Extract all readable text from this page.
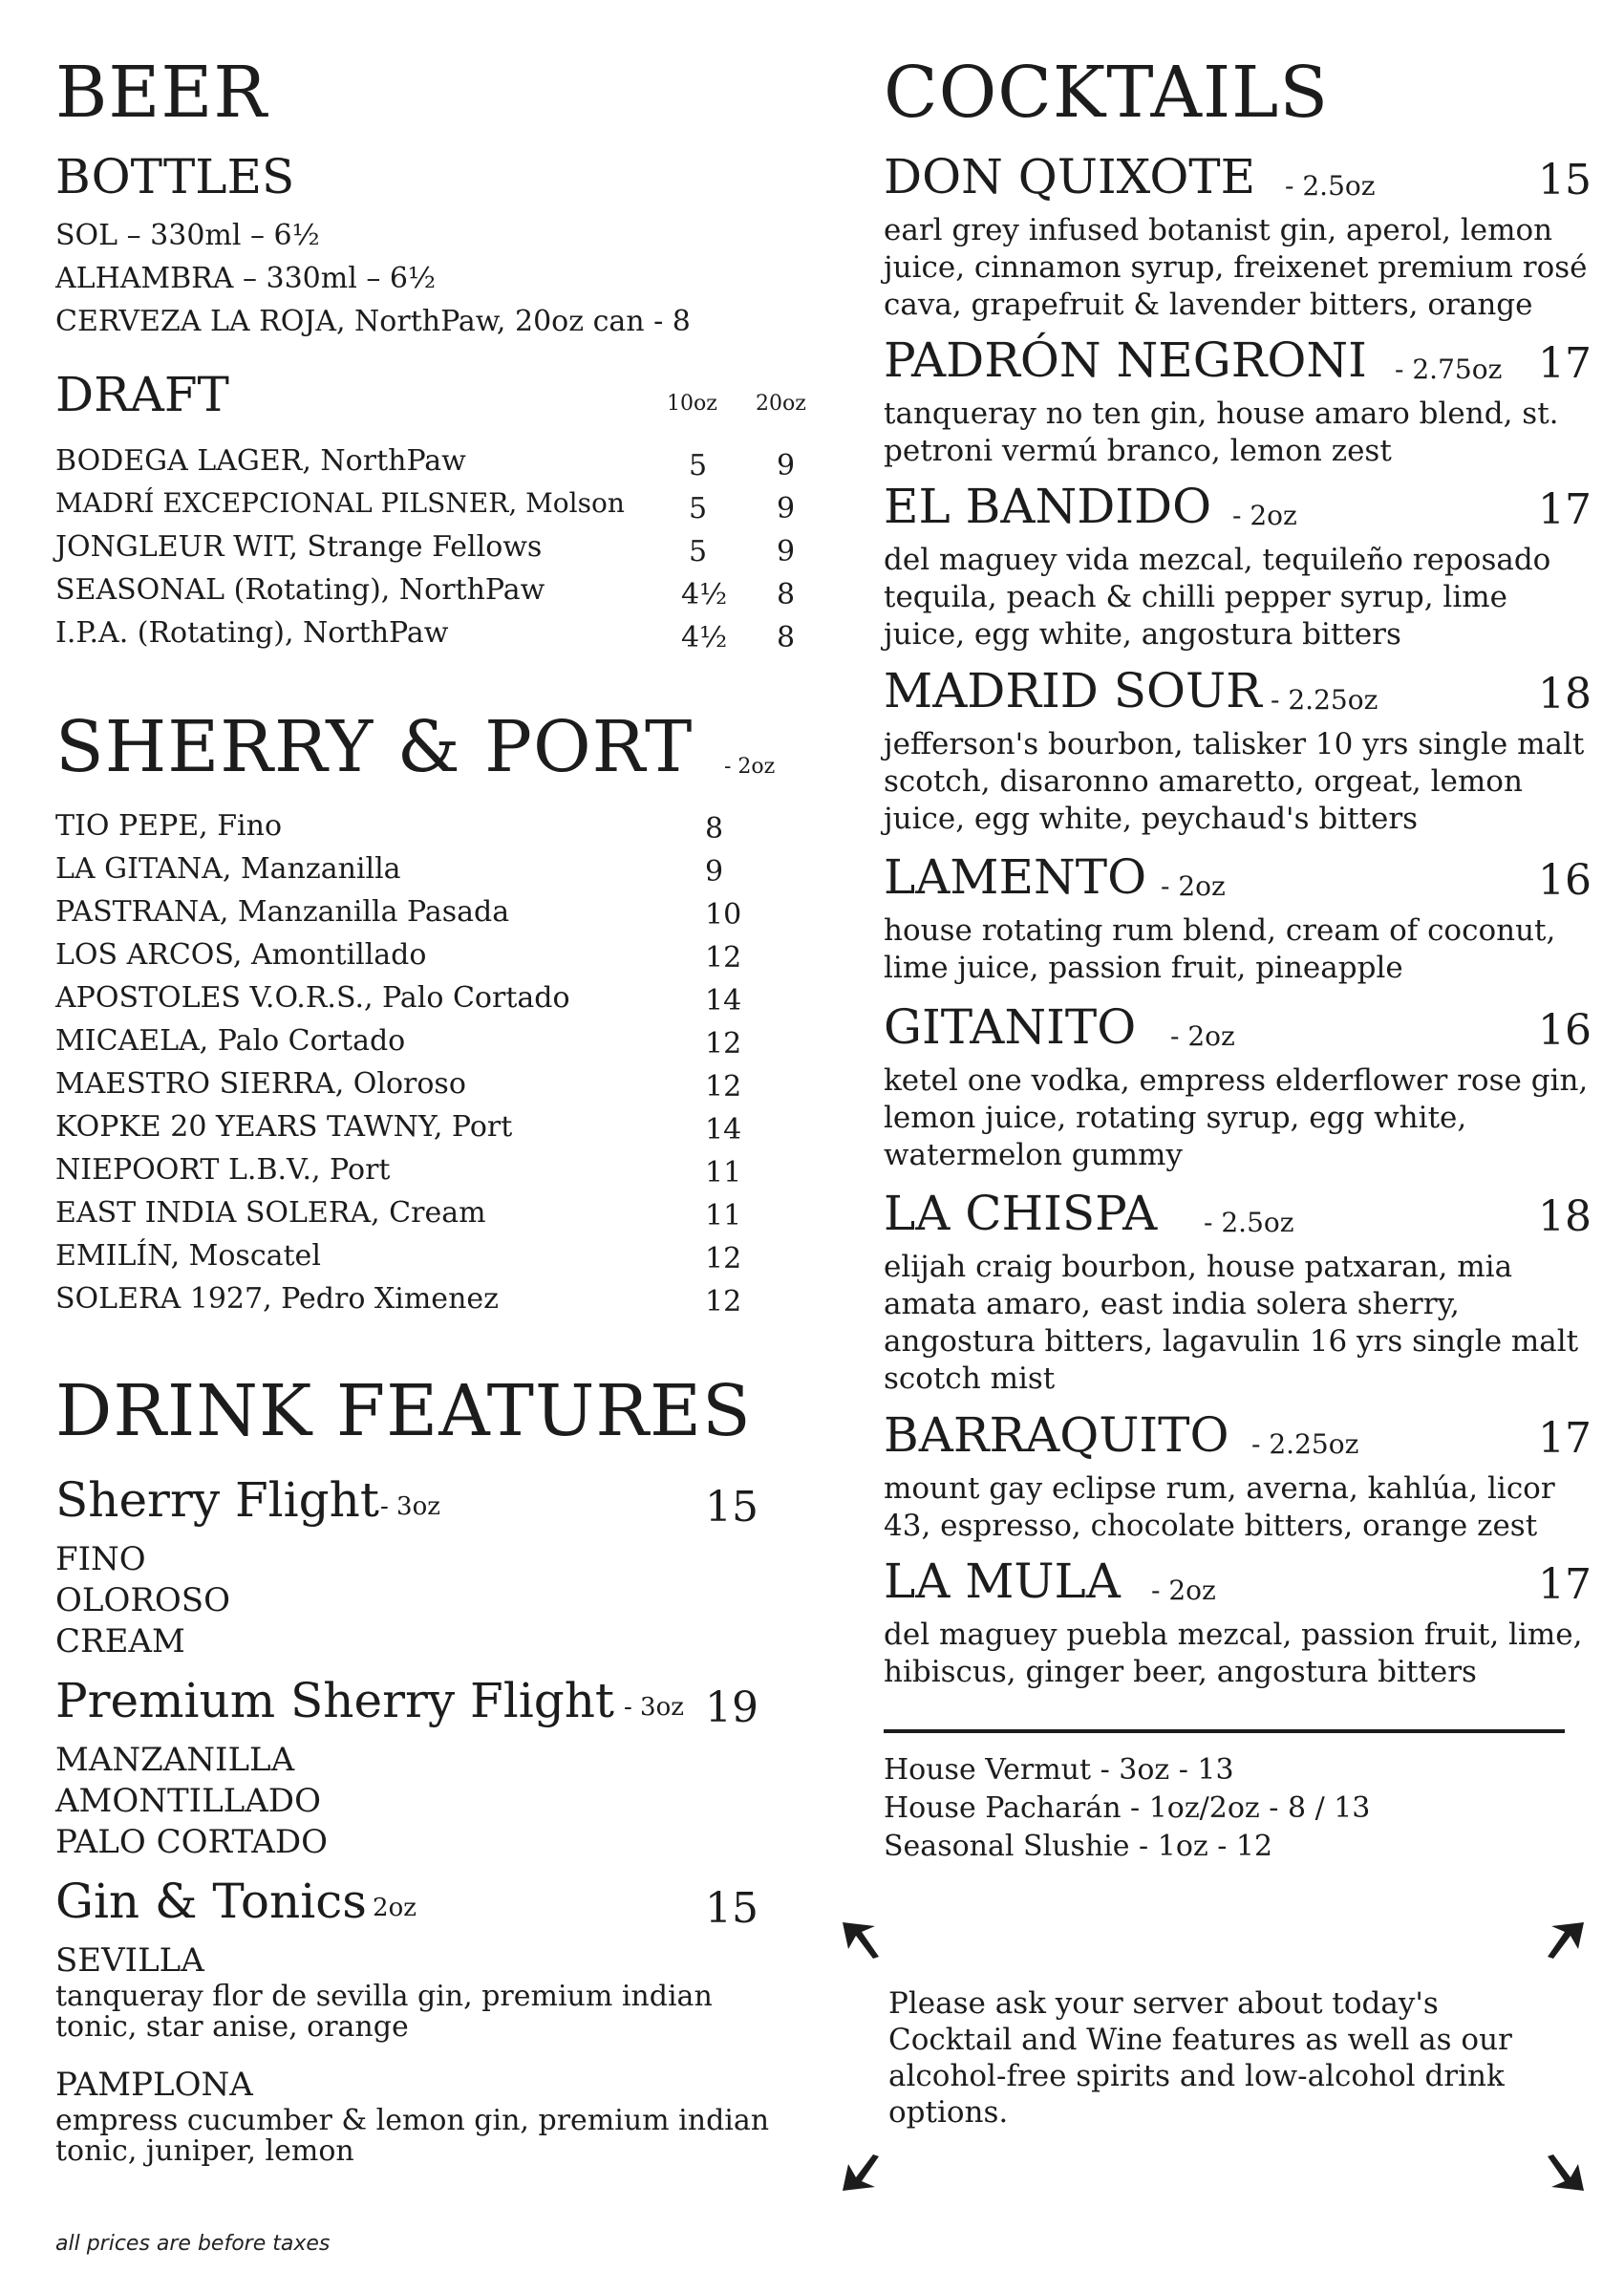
BEER
BOTTLES
SOL – 330ml – 6½
ALHAMBRA – 330ml – 6½
CERVEZA LA ROJA, NorthPaw, 20oz can - 8
DRAFT	10oz 20oz
BODEGA LAGER, NorthPaw	5 9
MADRÍ EXCEPCIONAL PILSNER, Molson 5 9
JONGLEUR WIT, Strange Fellows	5 9
SEASONAL (Rotating), NorthPaw	4½ 8
I.P.A. (Rotating), NorthPaw	4½ 8
SHERRY & PORT - 2oz
TIO PEPE, Fino	8
LA GITANA, Manzanilla	9
PASTRANA, Manzanilla Pasada	10
LOS ARCOS, Amontillado	12
APOSTOLES V.O.R.S., Palo Cortado	14
MICAELA, Palo Cortado	12
MAESTRO SIERRA, Oloroso	12
KOPKE 20 YEARS TAWNY, Port	14
NIEPOORT L.B.V., Port	11
EAST INDIA SOLERA, Cream	11
EMILÍN, Moscatel	12
SOLERA 1927, Pedro Ximenez	12
DRINK FEATURES
Sherry Flight - 3oz	15
FINO
OLOROSO
CREAM
Premium Sherry Flight - 3oz 19
MANZANILLA
AMONTILLADO
PALO CORTADO
Gin & Tonics
- 2oz	15
SEVILLA
tanqueray flor de sevilla gin, premium indian tonic, star anise, orange
PAMPLONA
empress cucumber & lemon gin, premium indian tonic, juniper, lemon
COCKTAILS
DON QUIXOTE - 2.5oz	15
earl grey infused botanist gin, aperol, lemon juice, cinnamon syrup, freixenet premium rosé cava, grapefruit & lavender bitters, orange
PADRÓN NEGRONI - 2.75oz 17
tanqueray no ten gin, house amaro blend, st. petroni vermú branco, lemon zest
EL BANDIDO - 2oz	17
del maguey vida mezcal, tequileño reposado tequila, peach & chilli pepper syrup, lime juice, egg white, angostura bitters
MADRID SOUR - 2.25oz	18
jefferson's bourbon, talisker 10 yrs single malt scotch, disaronno amaretto, orgeat, lemon juice, egg white, peychaud's bitters
LAMENTO - 2oz	16
house rotating rum blend, cream of coconut, lime juice, passion fruit, pineapple
GITANITO - 2oz	16
ketel one vodka, empress elderflower rose gin, lemon juice, rotating syrup, egg white, watermelon gummy
LA CHISPA - 2.5oz	18
elijah craig bourbon, house patxaran, mia amata amaro, east india solera sherry, angostura bitters, lagavulin 16 yrs single malt scotch mist
BARRAQUITO - 2.25oz	17
mount gay eclipse rum, averna, kahlúa, licor 43, espresso, chocolate bitters, orange zest
LA MULA - 2oz	17
del maguey puebla mezcal, passion fruit, lime, hibiscus, ginger beer, angostura bitters
House Vermut - 3oz - 13
House Pacharán - 1oz/2oz - 8 / 13
Seasonal Slushie - 1oz - 12
Please ask your server about today's Cocktail and Wine features as well as our alcohol-free spirits and low-alcohol drink options.
all prices are before taxes
